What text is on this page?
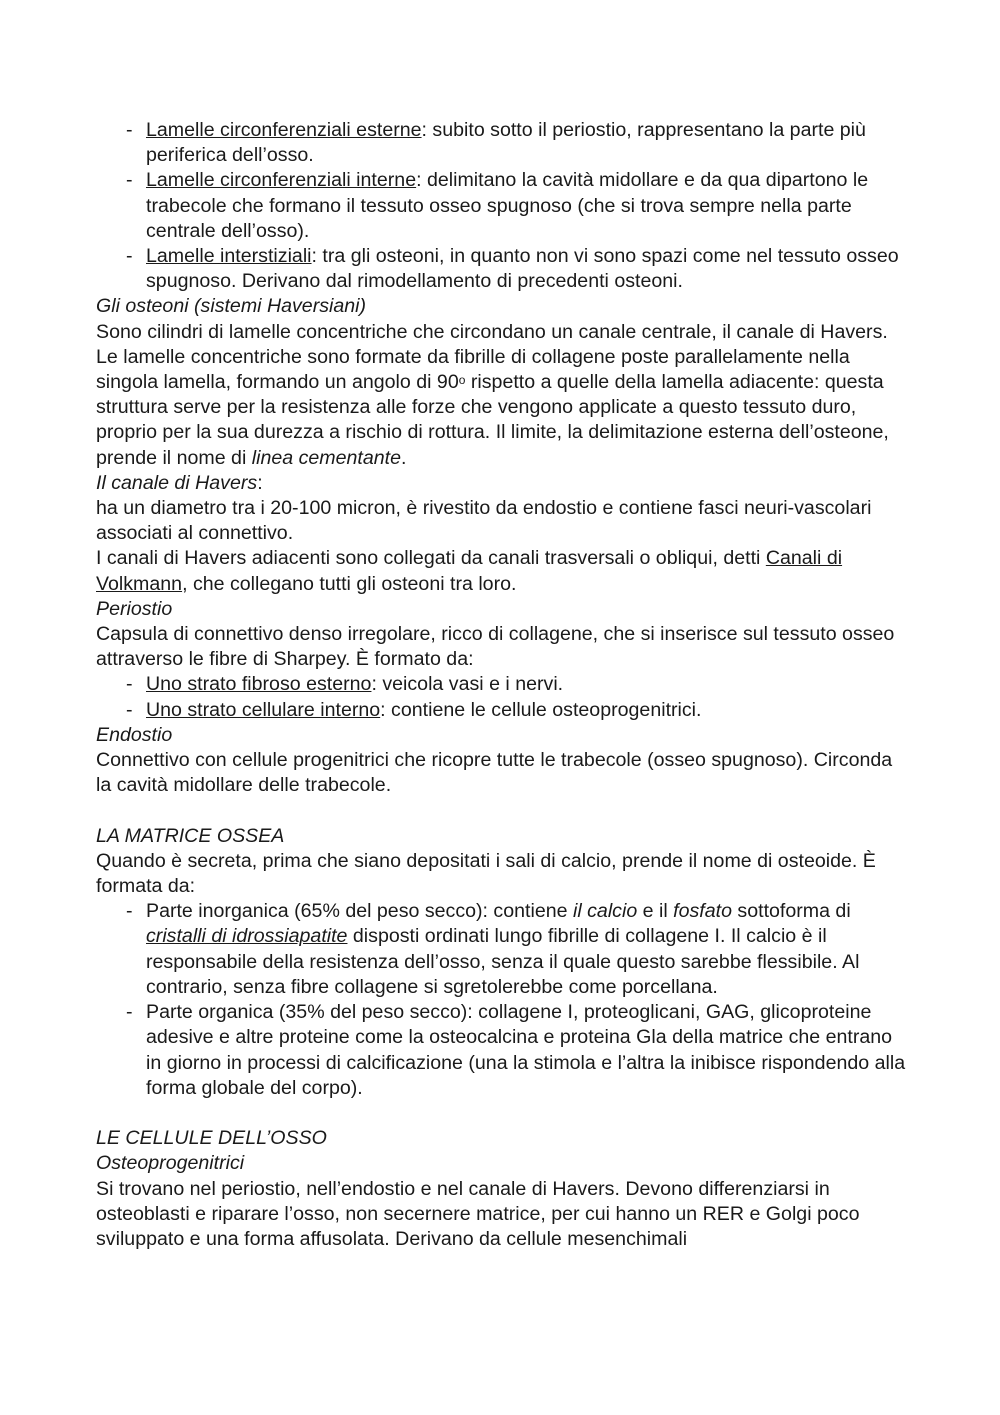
- Lamelle circonferenziali esterne: subito sotto il periostio, rappresentano la parte più periferica dell’osso.
- Lamelle circonferenziali interne: delimitano la cavità midollare e da qua dipartono le trabecole che formano il tessuto osseo spugnoso (che si trova sempre nella parte centrale dell’osso).
- Lamelle interstiziali: tra gli osteoni, in quanto non vi sono spazi come nel tessuto osseo spugnoso. Derivano dal rimodellamento di precedenti osteoni.

Gli osteoni (sistemi Haversiani)

Sono cilindri di lamelle concentriche che circondano un canale centrale, il canale di Havers. Le lamelle concentriche sono formate da fibrille di collagene poste parallelamente nella singola lamella, formando un angolo di 90$^o$ rispetto a quelle della lamella adiacente: questa struttura serve per la resistenza alle forze che vengono applicate a questo tessuto duro, proprio per la sua durezza a rischio di rottura. Il limite, la delimitazione esterna dell’osteone, prende il nome di linea cementante.

Il canale di Havers:

ha un diametro tra i 20-100 micron, è rivestito da endostio e contiene fasci neuri-vascolari associati al connettivo.

I canali di Havers adiacenti sono collegati da canali trasversali o obliqui, detti Canali di Volkmann, che collegano tutti gli osteoni tra loro.

Periostio

Capsula di connettivo denso irregolare, ricco di collagene, che si inserisce sul tessuto osseo attraverso le fibre di Sharpey. È formato da:

- Uno strato fibroso esterno: veicola vasi e i nervi.
- Uno strato cellulare interno: contiene le cellule osteoprogenitrici.

Endostio

Connettivo con cellule progenitrici che ricopre tutte le trabecole (osseo spugnoso). Circonda la cavità midollare delle trabecole.

LA MATRICE OSSEA

Quando è secreta, prima che siano depositati i sali di calcio, prende il nome di osteoide. È formata da:

- Parte inorganica (65% del peso secco): contiene il calcio e il fosfato sottoforma di cristalli di idrossiapatite disposti ordinati lungo fibrille di collagene I. Il calcio è il responsabile della resistenza dell’osso, senza il quale questo sarebbe flessibile. Al contrario, senza fibre collagene si sgretolerebbe come porcellana.
- Parte organica (35% del peso secco): collagene I, proteoglicani, GAG, glicoproteine adesive e altre proteine come la osteocalcina e proteina Gla della matrice che entrano in giorno in processi di calcificazione (una la stimola e l’altra la inibisce rispondendo alla forma globale del corpo).

LE CELLULE DELL’OSSO

Osteoprogenitrici

Si trovano nel periostio, nell’endostio e nel canale di Havers. Devono differenziarsi in osteoblasti e riparare l’osso, non secernere matrice, per cui hanno un RER e Golgi poco sviluppato e una forma affusolata. Derivano da cellule mesenchimali
